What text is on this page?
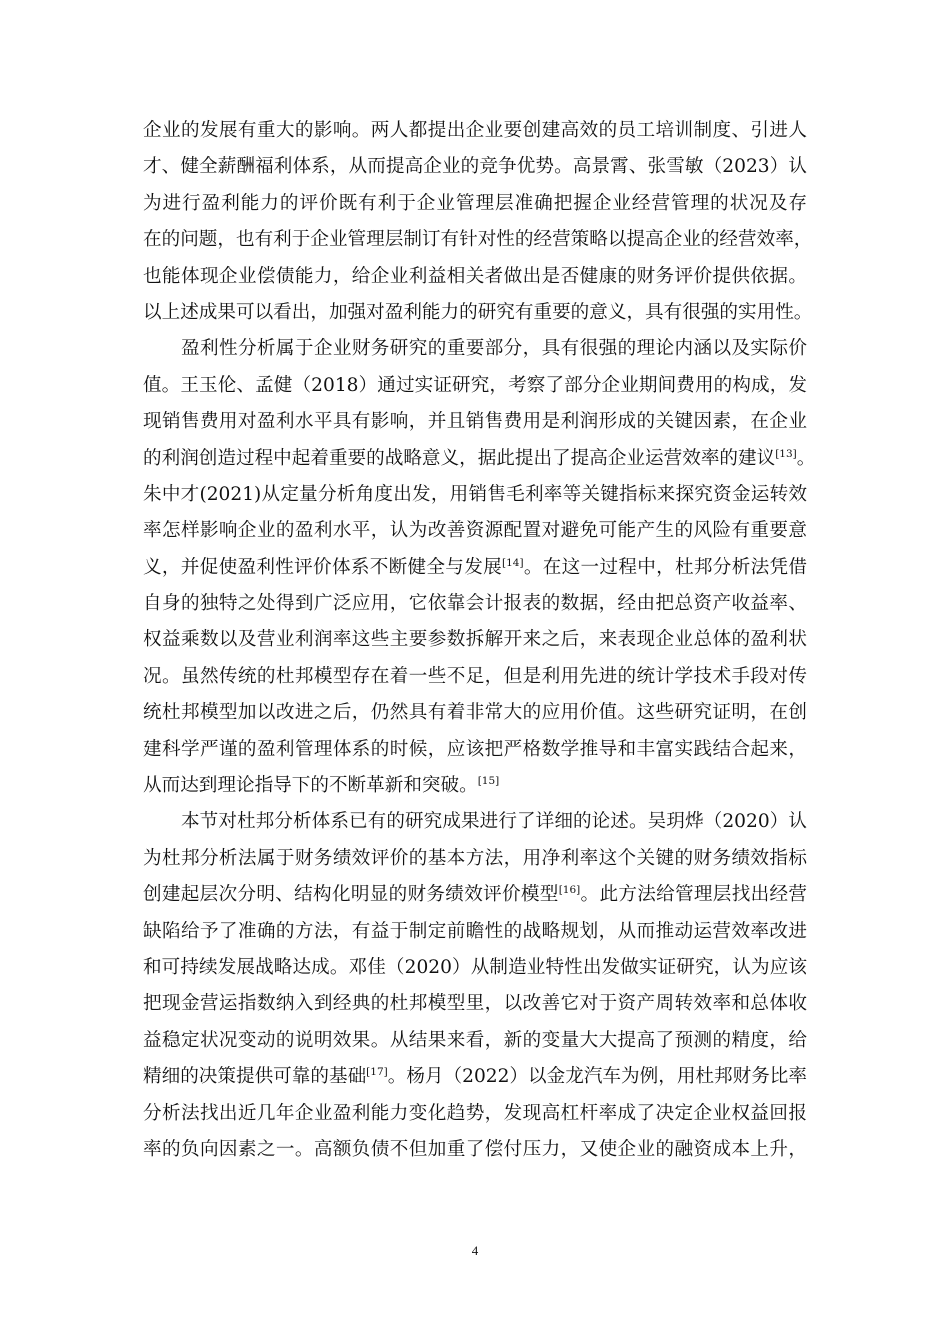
企业的发展有重大的影响。两人都提出企业要创建高效的员工培训制度、引进人
才、健全薪酬福利体系，从而提高企业的竞争优势。高景霄、张雪敏（2023）认
为进行盈利能力的评价既有利于企业管理层准确把握企业经营管理的状况及存
在的问题，也有利于企业管理层制订有针对性的经营策略以提高企业的经营效率，
也能体现企业偿债能力，给企业利益相关者做出是否健康的财务评价提供依据。
以上述成果可以看出，加强对盈利能力的研究有重要的意义，具有很强的实用性。
盈利性分析属于企业财务研究的重要部分，具有很强的理论内涵以及实际价
值。王玉伦、孟健（2018）通过实证研究，考察了部分企业期间费用的构成，发
现销售费用对盈利水平具有影响，并且销售费用是利润形成的关键因素，在企业
的利润创造过程中起着重要的战略意义，据此提出了提高企业运营效率的建议[13]。
朱中才(2021)从定量分析角度出发，用销售毛利率等关键指标来探究资金运转效
率怎样影响企业的盈利水平，认为改善资源配置对避免可能产生的风险有重要意
义，并促使盈利性评价体系不断健全与发展[14]。在这一过程中，杜邦分析法凭借
自身的独特之处得到广泛应用，它依靠会计报表的数据，经由把总资产收益率、
权益乘数以及营业利润率这些主要参数拆解开来之后，来表现企业总体的盈利状
况。虽然传统的杜邦模型存在着一些不足，但是利用先进的统计学技术手段对传
统杜邦模型加以改进之后，仍然具有着非常大的应用价值。这些研究证明，在创
建科学严谨的盈利管理体系的时候，应该把严格数学推导和丰富实践结合起来，
从而达到理论指导下的不断革新和突破。[15]
本节对杜邦分析体系已有的研究成果进行了详细的论述。吴玥烨（2020）认
为杜邦分析法属于财务绩效评价的基本方法，用净利率这个关键的财务绩效指标
创建起层次分明、结构化明显的财务绩效评价模型[16]。此方法给管理层找出经营
缺陷给予了准确的方法，有益于制定前瞻性的战略规划，从而推动运营效率改进
和可持续发展战略达成。邓佳（2020）从制造业特性出发做实证研究，认为应该
把现金营运指数纳入到经典的杜邦模型里，以改善它对于资产周转效率和总体收
益稳定状况变动的说明效果。从结果来看，新的变量大大提高了预测的精度，给
精细的决策提供可靠的基础[17]。杨月（2022）以金龙汽车为例，用杜邦财务比率
分析法找出近几年企业盈利能力变化趋势，发现高杠杆率成了决定企业权益回报
率的负向因素之一。高额负债不但加重了偿付压力，又使企业的融资成本上升，
4
